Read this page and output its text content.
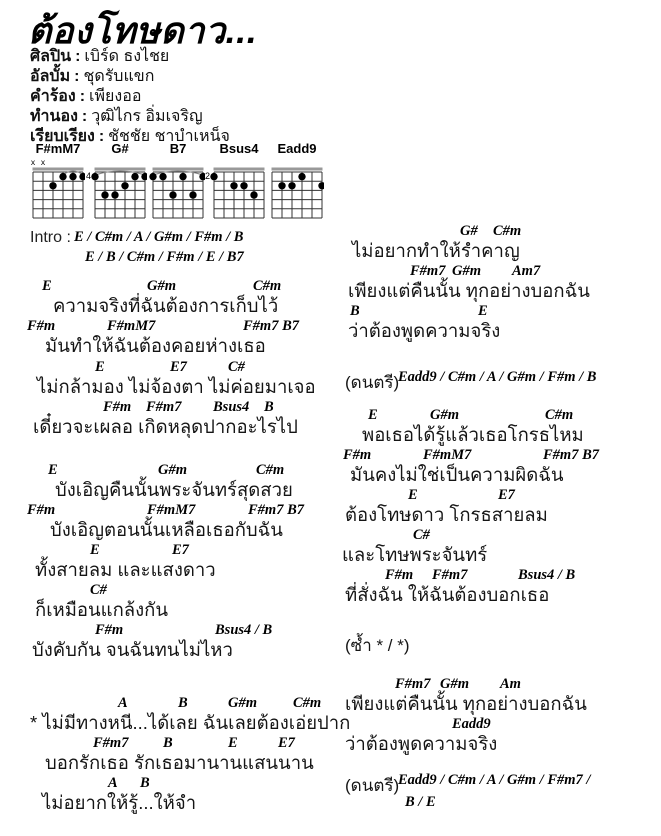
ต้องโทษดาว...
ศิลปิน : เบิร์ด ธงไชย
อัลบั้ม : ชุดรับแขก
คำร้อง : เพียงออ
ทำนอง : วุฒิไกร อิ่มเจริญ
เรียบเรียง : ชัชชัย ชาบำเหน็จ
F#mM7
x x
G#
4
B7	Bsus4
2
Eadd9
Intro :
E / C#m / A / G#m / F#m / B
E / B / C#m / F#m / E / B7
E	G#m	C#m
ความจริงที่ฉันต้องการเก็บไว้
F#m	F#mM7	F#m7 B7
มันทำให้ฉันต้องคอยห่างเธอ
E	E7	C#
ไม่กล้ามอง ไม่จ้องตา ไม่ค่อยมาเจอ
F#m F#m7 Bsus4 B
เดี๋ยวจะเผลอ เกิดหลุดปากอะไรไป
E	G#m	C#m
บังเอิญคืนนั้นพระจันทร์สุดสวย
F#m	F#mM7	F#m7 B7
บังเอิญตอนนั้นเหลือเธอกับฉัน
E	E7
ทั้งสายลม และแสงดาว
C#
ก็เหมือนแกล้งกัน
F#m	Bsus4 / B
บังคับกัน จนฉันทนไม่ไหว
A	B	G#m C#m
* ไม่มีทางหนี...ได้เลย ฉันเลยต้องเอ่ยปาก
F#m7 B	E	E7
บอกรักเธอ รักเธอมานานแสนนาน
A B
ไม่อยากให้รู้...ให้จำ
G# C#m
ไม่อยากทำให้รำคาญ
F#m7 G#m Am7
เพียงแต่คืนนั้น ทุกอย่างบอกฉัน
B	E
ว่าต้องพูดความจริง
(ดนตรี)
Eadd9 / C#m / A / G#m / F#m / B
E	G#m	C#m
พอเธอได้รู้แล้วเธอโกรธไหม
F#m	F#mM7	F#m7 B7
มันคงไม่ใช่เป็นความผิดฉัน
E	E7
ต้องโทษดาว โกรธสายลม
C#
และโทษพระจันทร์
F#m F#m7	Bsus4 / B
ที่สั่งฉัน ให้ฉันต้องบอกเธอ
(ซ้ำ * / *)
F#m7 G#m Am
เพียงแต่คืนนั้น ทุกอย่างบอกฉัน
Eadd9
ว่าต้องพูดความจริง
(ดนตรี)
Eadd9 / C#m / A / G#m / F#m7 /
B / E
